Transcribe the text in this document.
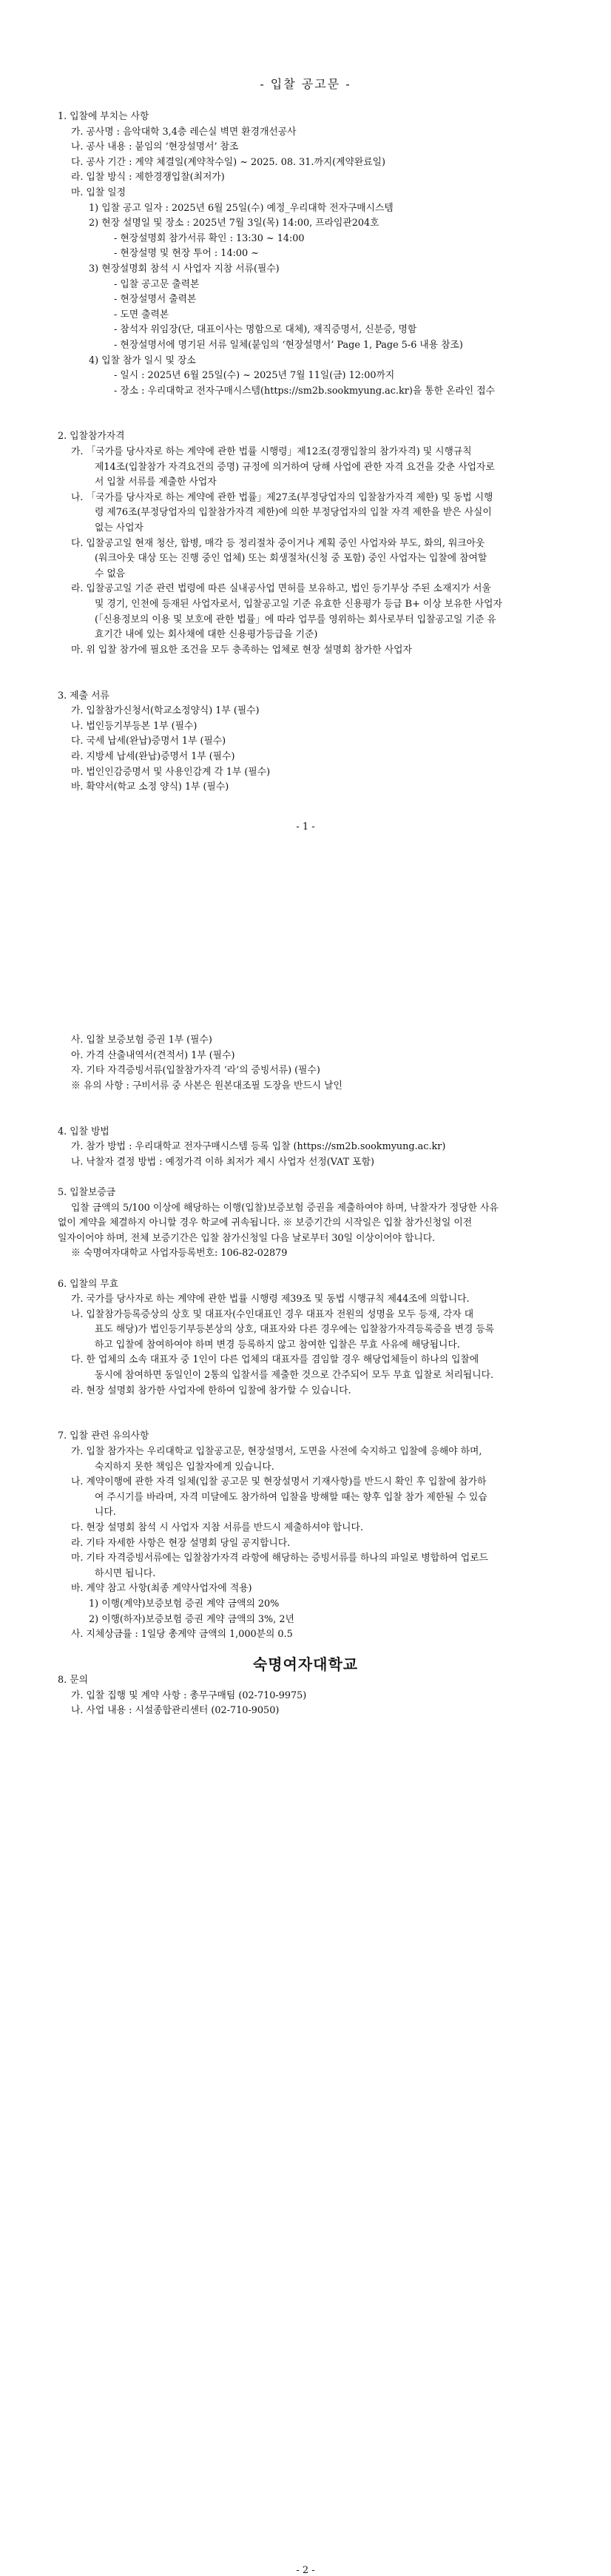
- 입찰 공고문 -
1. 입찰에 부치는 사항
가. 공사명 : 음악대학 3,4층 레슨실 벽면 환경개선공사
나. 공사 내용 : 붙임의 ‘현장설명서’ 참조
다. 공사 기간 : 계약 체결일(계약착수일) ~ 2025. 08. 31.까지(계약완료일)
라. 입찰 방식 : 제한경쟁입찰(최저가)
마. 입찰 일정
1) 입찰 공고 일자 : 2025년 6월 25일(수) 예정_우리대학 전자구매시스템
2) 현장 설명일 및 장소 : 2025년 7월 3일(목) 14:00, 프라임관204호
- 현장설명회 참가서류 확인 : 13:30 ~ 14:00
- 현장설명 및 현장 투어 : 14:00 ~
3) 현장설명회 참석 시 사업자 지참 서류(필수)
- 입찰 공고문 출력본
- 현장설명서 출력본
- 도면 출력본
- 참석자 위임장(단, 대표이사는 명함으로 대체), 재직증명서, 신분증, 명함
- 현장설명서에 명기된 서류 일체(붙임의 ‘현장설명서’ Page 1, Page 5-6 내용 참조)
4) 입찰 참가 일시 및 장소
- 일시 : 2025년 6월 25일(수) ~ 2025년 7월 11일(금) 12:00까지
- 장소 : 우리대학교 전자구매시스템(https://sm2b.sookmyung.ac.kr)을 통한 온라인 접수
2. 입찰참가자격
가. 「국가를 당사자로 하는 계약에 관한 법률 시행령」제12조(경쟁입찰의 참가자격) 및 시행규칙
제14조(입찰참가 자격요건의 증명) 규정에 의거하여 당해 사업에 관한 자격 요건을 갖춘 사업자로
서 입찰 서류를 제출한 사업자
나. 「국가를 당사자로 하는 계약에 관한 법률」제27조(부정당업자의 입찰참가자격 제한) 및 동법 시행
령 제76조(부정당업자의 입찰참가자격 제한)에 의한 부정당업자의 입찰 자격 제한을 받은 사실이
없는 사업자
다. 입찰공고일 현재 청산, 합병, 매각 등 정리절차 중이거나 계획 중인 사업자와 부도, 화의, 워크아웃
(워크아웃 대상 또는 진행 중인 업체) 또는 회생절차(신청 중 포함) 중인 사업자는 입찰에 참여할
수 없음
라. 입찰공고일 기준 관련 법령에 따른 실내공사업 면허를 보유하고, 법인 등기부상 주된 소재지가 서울
및 경기, 인천에 등재된 사업자로서, 입찰공고일 기준 유효한 신용평가 등급 B+ 이상 보유한 사업자
(「신용정보의 이용 및 보호에 관한 법률」에 따라 업무를 영위하는 회사로부터 입찰공고일 기준 유
효기간 내에 있는 회사채에 대한 신용평가등급을 기준)
마. 위 입찰 참가에 필요한 조건을 모두 충족하는 업체로 현장 설명회 참가한 사업자
3. 제출 서류
가. 입찰참가신청서(학교소정양식) 1부 (필수)
나. 법인등기부등본 1부 (필수)
다. 국세 납세(완납)증명서 1부 (필수)
라. 지방세 납세(완납)증명서 1부 (필수)
마. 법인인감증명서 및 사용인감계 각 1부 (필수)
바. 확약서(학교 소정 양식) 1부 (필수)
- 1 -
- 2 -
사. 입찰 보증보험 증권 1부 (필수)
아. 가격 산출내역서(견적서) 1부 (필수)
자. 기타 자격증빙서류(입찰참가자격 ‘라’의 증빙서류) (필수)
※ 유의 사항 : 구비서류 중 사본은 원본대조필 도장을 반드시 날인
4. 입찰 방법
가. 참가 방법 : 우리대학교 전자구매시스템 등록 입찰 (https://sm2b.sookmyung.ac.kr)
나. 낙찰자 결정 방법 : 예정가격 이하 최저가 제시 사업자 선정(VAT 포함)
5. 입찰보증금
입찰 금액의 5/100 이상에 해당하는 이행(입찰)보증보험 증권을 제출하여야 하며, 낙찰자가 정당한 사유
없이 계약을 체결하지 아니할 경우 학교에 귀속됩니다. ※ 보증기간의 시작일은 입찰 참가신청일 이전
일자이어야 하며, 전체 보증기간은 입찰 참가신청일 다음 날로부터 30일 이상이어야 합니다.
※ 숙명여자대학교 사업자등록번호: 106-82-02879
6. 입찰의 무효
가. 국가를 당사자로 하는 계약에 관한 법률 시행령 제39조 및 동법 시행규칙 제44조에 의합니다.
나. 입찰참가등록증상의 상호 및 대표자(수인대표인 경우 대표자 전원의 성명을 모두 등재, 각자 대
표도 해당)가 법인등기부등본상의 상호, 대표자와 다른 경우에는 입찰참가자격등록증을 변경 등록
하고 입찰에 참여하여야 하며 변경 등록하지 않고 참여한 입찰은 무효 사유에 해당됩니다.
다. 한 업체의 소속 대표자 중 1인이 다른 업체의 대표자를 겸임할 경우 해당업체들이 하나의 입찰에
동시에 참여하면 동일인이 2통의 입찰서를 제출한 것으로 간주되어 모두 무효 입찰로 처리됩니다.
라. 현장 설명회 참가한 사업자에 한하여 입찰에 참가할 수 있습니다.
7. 입찰 관련 유의사항
가. 입찰 참가자는 우리대학교 입찰공고문, 현장설명서, 도면을 사전에 숙지하고 입찰에 응해야 하며,
숙지하지 못한 책임은 입찰자에게 있습니다.
나. 계약이행에 관한 자격 일체(입찰 공고문 및 현장설명서 기재사항)를 반드시 확인 후 입찰에 참가하
여 주시기를 바라며, 자격 미달에도 참가하여 입찰을 방해할 때는 향후 입찰 참가 제한될 수 있습
니다.
다. 현장 설명회 참석 시 사업자 지참 서류를 반드시 제출하셔야 합니다.
라. 기타 자세한 사항은 현장 설명회 당일 공지합니다.
마. 기타 자격증빙서류에는 입찰참가자격 라항에 해당하는 증빙서류를 하나의 파일로 병합하여 업로드
하시면 됩니다.
바. 계약 참고 사항(최종 계약사업자에 적용)
1) 이행(계약)보증보험 증권 계약 금액의 20%
2) 이행(하자)보증보험 증권 계약 금액의 3%, 2년
사. 지체상금률 : 1일당 총계약 금액의 1,000분의 0.5
8. 문의
가. 입찰 집행 및 계약 사항 : 총무구매팀 (02-710-9975)
나. 사업 내용 : 시설종합관리센터 (02-710-9050)
숙명여자대학교
